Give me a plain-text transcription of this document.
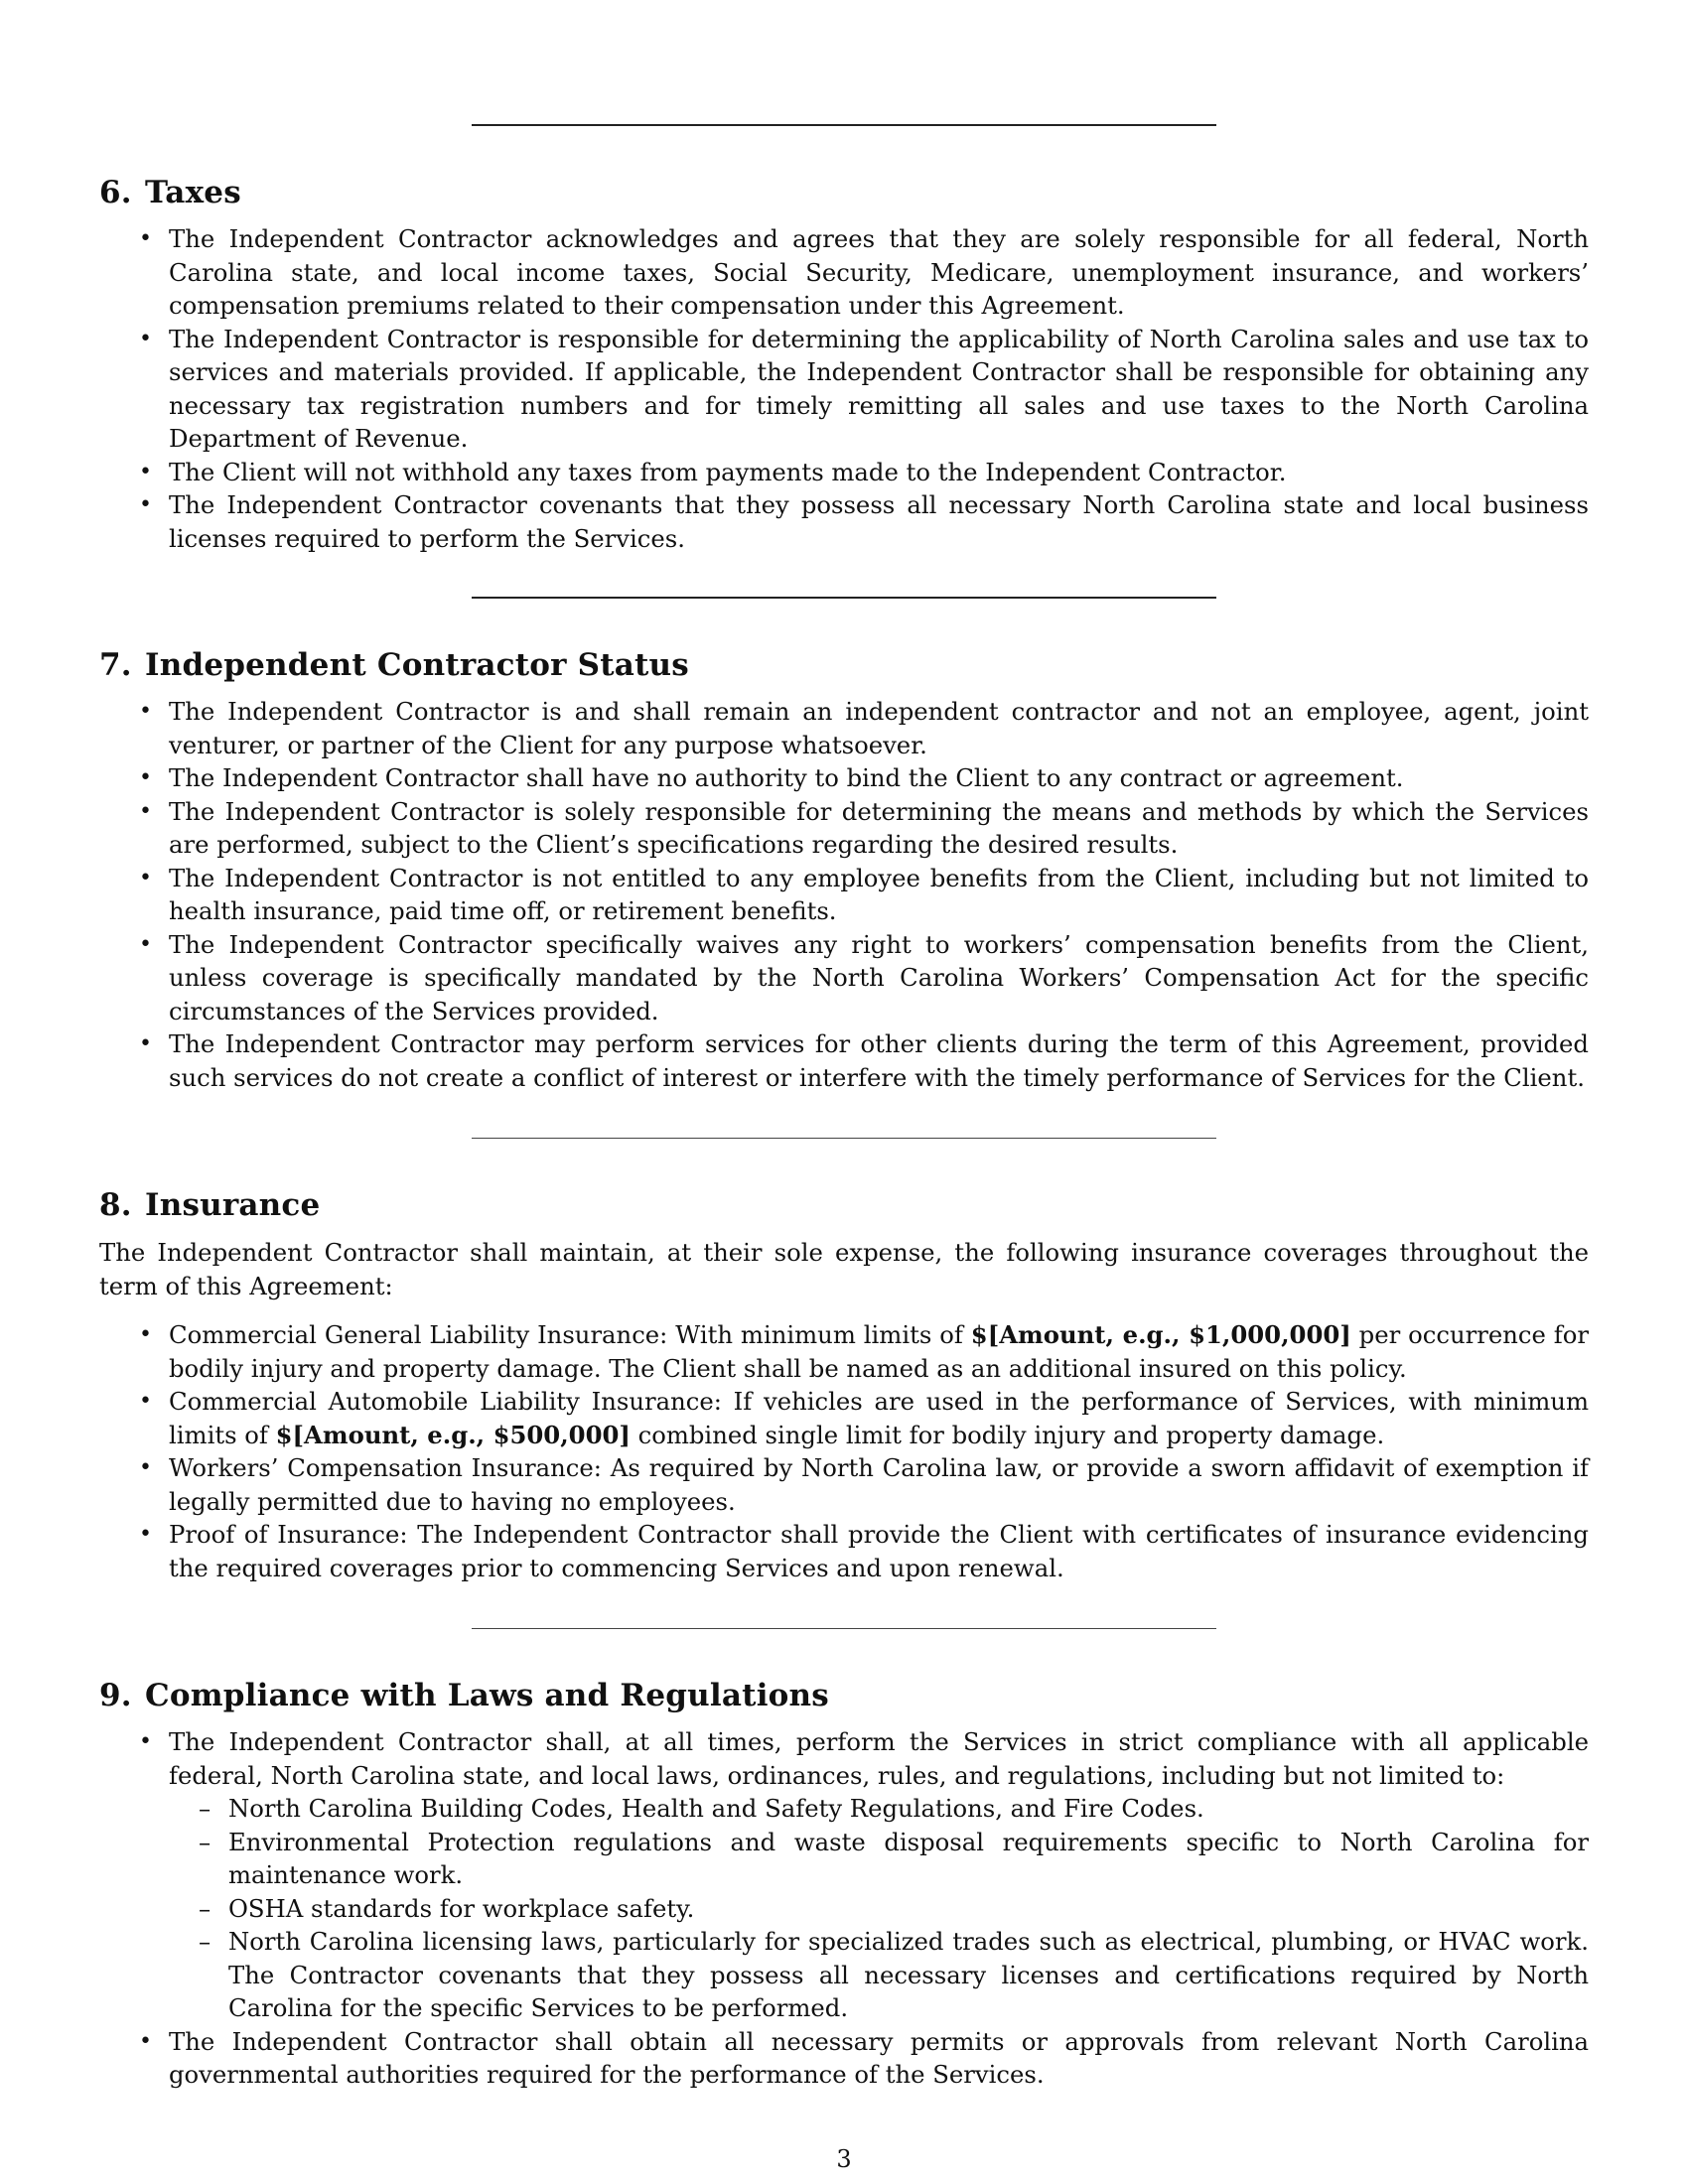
6. Taxes
• The Independent Contractor acknowledges and agrees that they are solely responsible for all federal, North Carolina state, and local income taxes, Social Security, Medicare, unemployment insurance, and workers’ compensation premiums related to their compensation under this Agreement.
• The Independent Contractor is responsible for determining the applicability of North Carolina sales and use tax to services and materials provided. If applicable, the Independent Contractor shall be responsible for obtaining any necessary tax registration numbers and for timely remitting all sales and use taxes to the North Carolina Department of Revenue.
• The Client will not withhold any taxes from payments made to the Independent Contractor.
• The Independent Contractor covenants that they possess all necessary North Carolina state and local business licenses required to perform the Services.
7. Independent Contractor Status
• The Independent Contractor is and shall remain an independent contractor and not an employee, agent, joint venturer, or partner of the Client for any purpose whatsoever.
• The Independent Contractor shall have no authority to bind the Client to any contract or agreement.
• The Independent Contractor is solely responsible for determining the means and methods by which the Services are performed, subject to the Client’s specifications regarding the desired results.
• The Independent Contractor is not entitled to any employee benefits from the Client, including but not limited to health insurance, paid time off, or retirement benefits.
• The Independent Contractor specifically waives any right to workers’ compensation benefits from the Client, unless coverage is specifically mandated by the North Carolina Workers’ Compensation Act for the specific circumstances of the Services provided.
• The Independent Contractor may perform services for other clients during the term of this Agreement, provided such services do not create a conflict of interest or interfere with the timely performance of Services for the Client.
8. Insurance

The Independent Contractor shall maintain, at their sole expense, the following insurance coverages throughout the term of this Agreement:

• Commercial General Liability Insurance: With minimum limits of $[Amount, e.g., $1,000,000] per occurrence for bodily injury and property damage. The Client shall be named as an additional insured on this policy.
• Commercial Automobile Liability Insurance: If vehicles are used in the performance of Services, with minimum limits of $[Amount, e.g., $500,000] combined single limit for bodily injury and property damage.
• Workers’ Compensation Insurance: As required by North Carolina law, or provide a sworn affidavit of exemption if legally permitted due to having no employees.
• Proof of Insurance: The Independent Contractor shall provide the Client with certificates of insurance evidencing the required coverages prior to commencing Services and upon renewal.
9. Compliance with Laws and Regulations
• The Independent Contractor shall, at all times, perform the Services in strict compliance with all applicable federal, North Carolina state, and local laws, ordinances, rules, and regulations, including but not limited to:
– North Carolina Building Codes, Health and Safety Regulations, and Fire Codes.
– Environmental Protection regulations and waste disposal requirements specific to North Carolina for maintenance work.
– OSHA standards for workplace safety.
– North Carolina licensing laws, particularly for specialized trades such as electrical, plumbing, or HVAC work. The Contractor covenants that they possess all necessary licenses and certifications required by North Carolina for the specific Services to be performed.
• The Independent Contractor shall obtain all necessary permits or approvals from relevant North Carolina governmental authorities required for the performance of the Services.
3
